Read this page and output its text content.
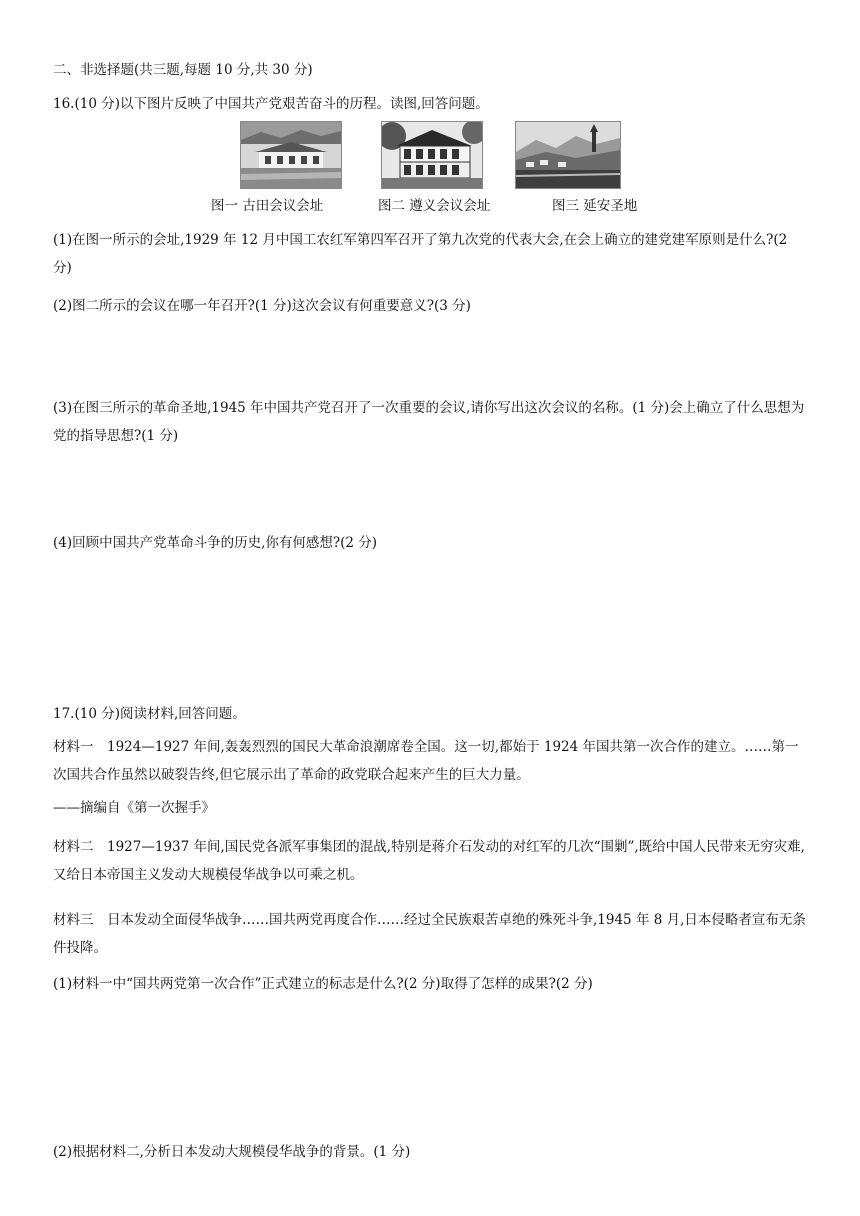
二、非选择题(共三题,每题 10 分,共 30 分)
16.(10 分)以下图片反映了中国共产党艰苦奋斗的历程。读图,回答问题。
图一 古田会议会址	图二 遵义会议会址	图三 延安圣地
(1)在图一所示的会址,1929 年 12 月中国工农红军第四军召开了第九次党的代表大会,在会上确立的建党建军原则是什么?(2 分)
(2)图二所示的会议在哪一年召开?(1 分)这次会议有何重要意义?(3 分)
(3)在图三所示的革命圣地,1945 年中国共产党召开了一次重要的会议,请你写出这次会议的名称。(1 分)会上确立了什么思想为党的指导思想?(1 分)
(4)回顾中国共产党革命斗争的历史,你有何感想?(2 分)
17.(10 分)阅读材料,回答问题。
材料一　1924—1927 年间,轰轰烈烈的国民大革命浪潮席卷全国。这一切,都始于 1924 年国共第一次合作的建立。……第一次国共合作虽然以破裂告终,但它展示出了革命的政党联合起来产生的巨大力量。
——摘编自《第一次握手》
材料二　1927—1937 年间,国民党各派军事集团的混战,特别是蒋介石发动的对红军的几次“围剿”,既给中国人民带来无穷灾难,又给日本帝国主义发动大规模侵华战争以可乘之机。
材料三　日本发动全面侵华战争……国共两党再度合作……经过全民族艰苦卓绝的殊死斗争,1945 年 8 月,日本侵略者宣布无条件投降。
(1)材料一中“国共两党第一次合作”正式建立的标志是什么?(2 分)取得了怎样的成果?(2 分)
(2)根据材料二,分析日本发动大规模侵华战争的背景。(1 分)
